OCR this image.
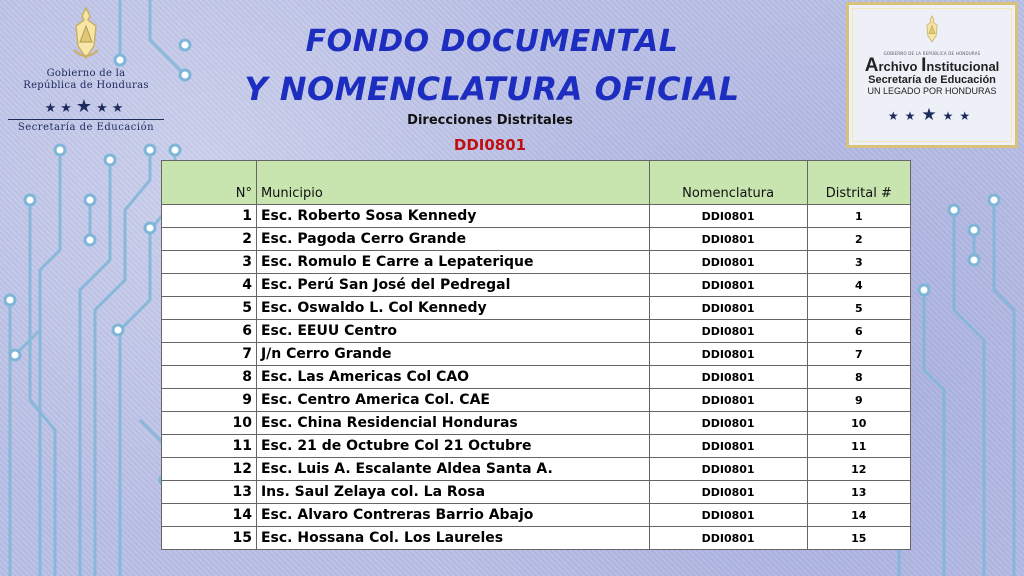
Gobierno de la
República de Honduras
★★★★★
Secretaría de Educación
GOBIERNO DE LA REPÚBLICA DE HONDURAS
Archivo Institucional
Secretaría de Educación
UN LEGADO POR HONDURAS
★★★★★
FONDO DOCUMENTAL
Y NOMENCLATURA OFICIAL
Direcciones Distritales
DDI0801
N°	Municipio	Nomenclatura	Distrital #
1	Esc. Roberto Sosa Kennedy	DDI0801	1
2	Esc. Pagoda Cerro Grande	DDI0801	2
3	Esc. Romulo E Carre a Lepaterique	DDI0801	3
4	Esc. Perú San José del Pedregal	DDI0801	4
5	Esc. Oswaldo L. Col Kennedy	DDI0801	5
6	Esc. EEUU Centro	DDI0801	6
7	J/n Cerro Grande	DDI0801	7
8	Esc. Las Americas Col CAO	DDI0801	8
9	Esc. Centro America Col. CAE	DDI0801	9
10	Esc. China Residencial Honduras	DDI0801	10
11	Esc. 21 de Octubre Col 21 Octubre	DDI0801	11
12	Esc. Luis A. Escalante Aldea Santa A.	DDI0801	12
13	Ins. Saul Zelaya col. La Rosa	DDI0801	13
14	Esc. Alvaro Contreras Barrio Abajo	DDI0801	14
15	Esc. Hossana Col. Los Laureles	DDI0801	15
